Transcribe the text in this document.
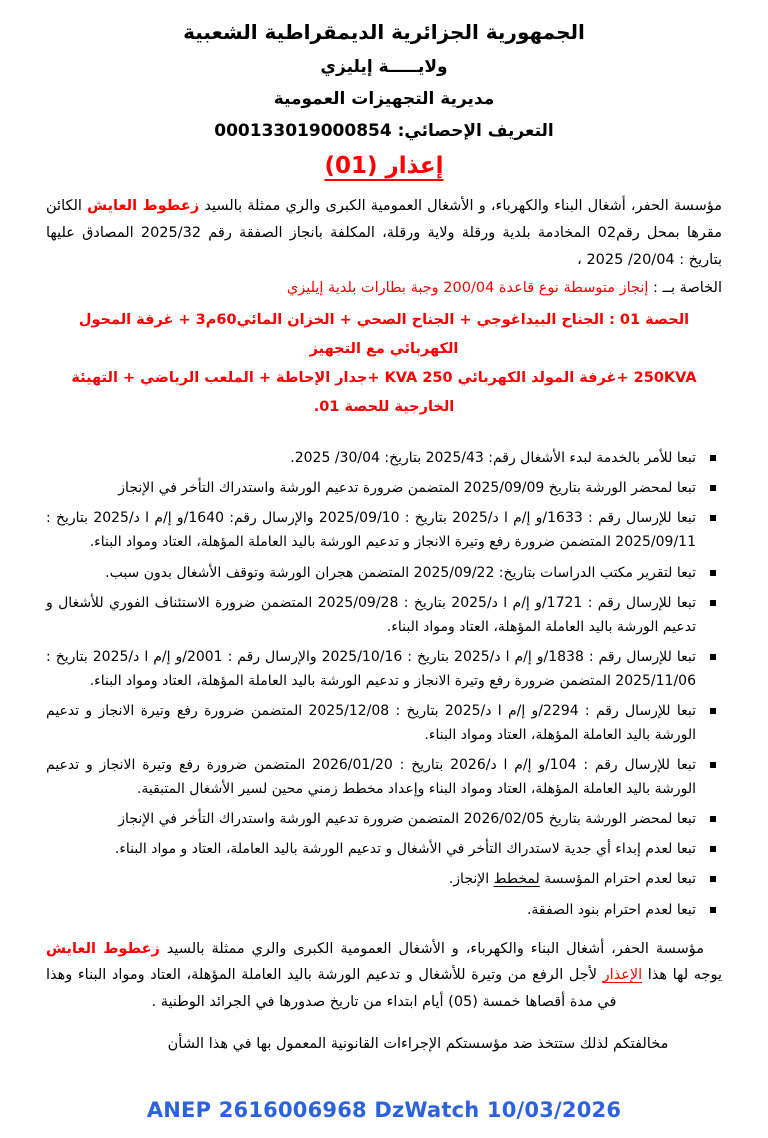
الجمهورية الجزائرية الديمقراطية الشعبية
ولايـــــة إيليزي
مديرية التجهيزات العمومية
التعريف الإحصائي: 000133019000854
إعذار (01)

مؤسسة الحفر، أشغال البناء والكهرباء، و الأشغال العمومية الكبرى والري ممثلة بالسيد زعطوط العايش الكائن مقرها بمحل رقم02 المخادمة بلدية ورقلة ولاية ورقلة، المكلفة بانجاز الصفقة رقم 2025/32 المصادق عليها بتاريخ : 20/04/ 2025 ،

الخاصة بــ : إنجاز متوسطة نوع قاعدة 200/04 وجبة بطارات بلدية إيليزي
الحصة 01 : الجناح البيداغوجي + الجناح الصحي + الخزان المائي60م3 + غرفة المحول الكهربائي مع التجهيز
250KVA +غرفة المولد الكهربائي 250 KVA +جدار الإحاطة + الملعب الرياضي + التهيئة الخارجية للحصة 01.
تبعا للأمر بالخدمة لبدء الأشغال رقم: 2025/43 بتاريخ: 30/04/ 2025.
تبعا لمحضر الورشة بتاريخ 2025/09/09 المتضمن ضرورة تدعيم الورشة واستدراك التأخر في الإنجاز
تبعا للإرسال رقم : 1633/و إ/م ا د/2025 بتاريخ : 2025/09/10 والإرسال رقم: 1640/و إ/م ا د/2025 بتاريخ : 2025/09/11 المتضمن ضرورة رفع وتيرة الانجاز و تدعيم الورشة باليد العاملة المؤهلة، العتاد ومواد البناء.
تبعا لتقرير مكتب الدراسات بتاريخ: 2025/09/22 المتضمن هجران الورشة وتوقف الأشغال بدون سبب.
تبعا للإرسال رقم : 1721/و إ/م ا د/2025 بتاريخ : 2025/09/28 المتضمن ضرورة الاستئناف الفوري للأشغال و تدعيم الورشة باليد العاملة المؤهلة، العتاد ومواد البناء.
تبعا للإرسال رقم : 1838/و إ/م ا د/2025 بتاريخ : 2025/10/16 والإرسال رقم : 2001/و إ/م ا د/2025 بتاريخ : 2025/11/06 المتضمن ضرورة رفع وتيرة الانجاز و تدعيم الورشة باليد العاملة المؤهلة، العتاد ومواد البناء.
تبعا للإرسال رقم : 2294/و إ/م ا د/2025 بتاريخ : 2025/12/08 المتضمن ضرورة رفع وتيرة الانجاز و تدعيم الورشة باليد العاملة المؤهلة، العتاد ومواد البناء.
تبعا للإرسال رقم : 104/و إ/م ا د/2026 بتاريخ : 2026/01/20 المتضمن ضرورة رفع وتيرة الانجاز و تدعيم الورشة باليد العاملة المؤهلة، العتاد ومواد البناء وإعداد مخطط زمني محين لسير الأشغال المتبقية.
تبعا لمحضر الورشة بتاريخ 2026/02/05 المتضمن ضرورة تدعيم الورشة واستدراك التأخر في الإنجاز
تبعا لعدم إبداء أي جدية لاستدراك التأخر في الأشغال و تدعيم الورشة باليد العاملة، العتاد و مواد البناء.
تبعا لعدم احترام المؤسسة لمخطط الإنجاز.
تبعا لعدم احترام بنود الصفقة.

مؤسسة الحفر، أشغال البناء والكهرباء، و الأشغال العمومية الكبرى والري ممثلة بالسيد زعطوط العايش يوجه لها هذا الإعذار لأجل الرفع من وتيرة للأشغال و تدعيم الورشة باليد العاملة المؤهلة، العتاد ومواد البناء وهذا في مدة أقصاها خمسة (05) أيام ابتداء من تاريخ صدورها في الجرائد الوطنية .

مخالفتكم لذلك ستتخذ ضد مؤسستكم الإجراءات القانونية المعمول بها في هذا الشأن
ANEP 2616006968 DzWatch 10/03/2026
